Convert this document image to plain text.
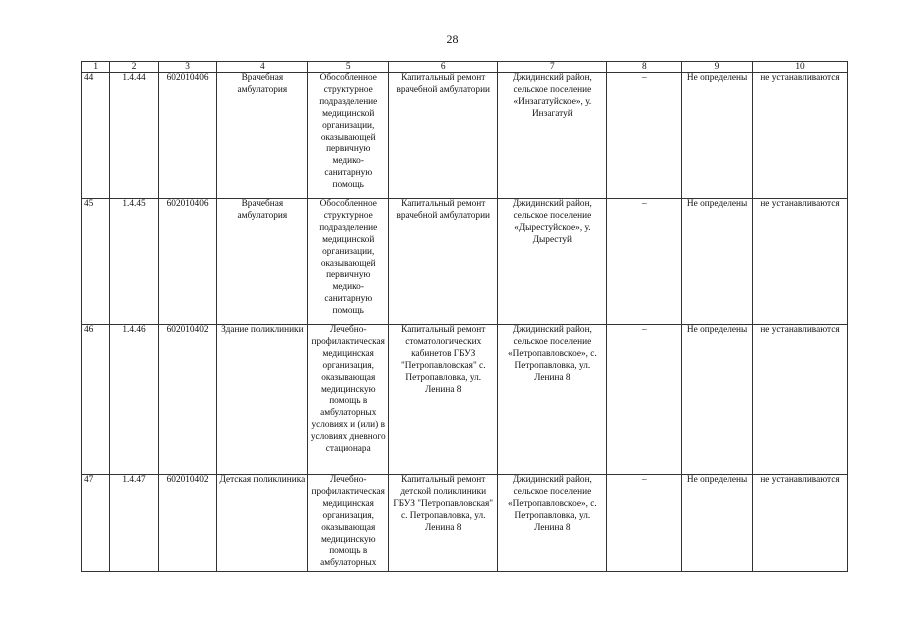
28
1	2	3	4	5	6	7	8	9	10
44	1.4.44	602010406	Врачебная амбулатория	Обособленное структурное подразделение медицинской организации, оказывающей первичную медико-санитарную помощь	Капитальный ремонт врачебной амбулатории	Джидинский район, сельское поселение «Инзагатуйское», у. Инзагатуй	–	Не определены	не устанавливаются
45	1.4.45	602010406	Врачебная амбулатория	Обособленное структурное подразделение медицинской организации, оказывающей первичную медико-санитарную помощь	Капитальный ремонт врачебной амбулатории	Джидинский район, сельское поселение «Дырестуйское», у. Дырестуй	–	Не определены	не устанавливаются
46	1.4.46	602010402	Здание поликлиники	Лечебно-профилактическая медицинская организация, оказывающая медицинскую помощь в амбулаторных условиях и (или) в условиях дневного стационара	Капитальный ремонт стоматологических кабинетов ГБУЗ "Петропавловская" с. Петропавловка, ул. Ленина 8	Джидинский район, сельское поселение «Петропавловское», с. Петропавловка, ул. Ленина 8	–	Не определены	не устанавливаются
47	1.4.47	602010402	Детская поликлиника	Лечебно-профилактическая медицинская организация, оказывающая медицинскую помощь в амбулаторных	Капитальный ремонт детской поликлиники ГБУЗ "Петропавловская" с. Петропавловка, ул. Ленина 8	Джидинский район, сельское поселение «Петропавловское», с. Петропавловка, ул. Ленина 8	–	Не определены	не устанавливаются
